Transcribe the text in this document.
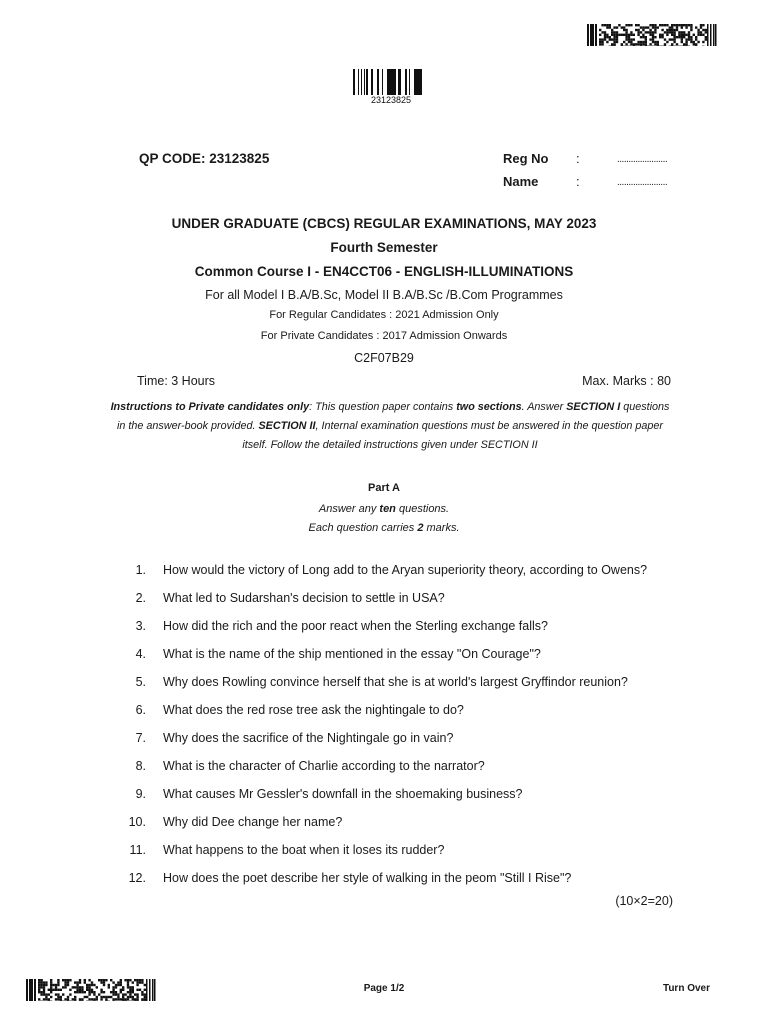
23123825
QP CODE: 23123825	Reg No :	......................
Name	:	......................
UNDER GRADUATE (CBCS) REGULAR EXAMINATIONS, MAY 2023
Fourth Semester
Common Course I - EN4CCT06 - ENGLISH-ILLUMINATIONS
For all Model I B.A/B.Sc, Model II B.A/B.Sc /B.Com Programmes
For Regular Candidates : 2021 Admission Only
For Private Candidates : 2017 Admission Onwards
C2F07B29
Time: 3 Hours	Max. Marks : 80
Instructions to Private candidates only: This question paper contains two sections. Answer SECTION I questions in the answer-book provided. SECTION II, Internal examination questions must be answered in the question paper itself. Follow the detailed instructions given under SECTION II
Part A
Answer any ten questions.
Each question carries 2 marks.
1. How would the victory of Long add to the Aryan superiority theory, according to Owens?
2. What led to Sudarshan's decision to settle in USA?
3. How did the rich and the poor react when the Sterling exchange falls?
4. What is the name of the ship mentioned in the essay "On Courage"?
5. Why does Rowling convince herself that she is at world's largest Gryffindor reunion?
6. What does the red rose tree ask the nightingale to do?
7. Why does the sacrifice of the Nightingale go in vain?
8. What is the character of Charlie according to the narrator?
9. What causes Mr Gessler's downfall in the shoemaking business?
10. Why did Dee change her name?
11. What happens to the boat when it loses its rudder?
12. How does the poet describe her style of walking in the peom "Still I Rise"?
(10×2=20)
Page 1/2	Turn Over
